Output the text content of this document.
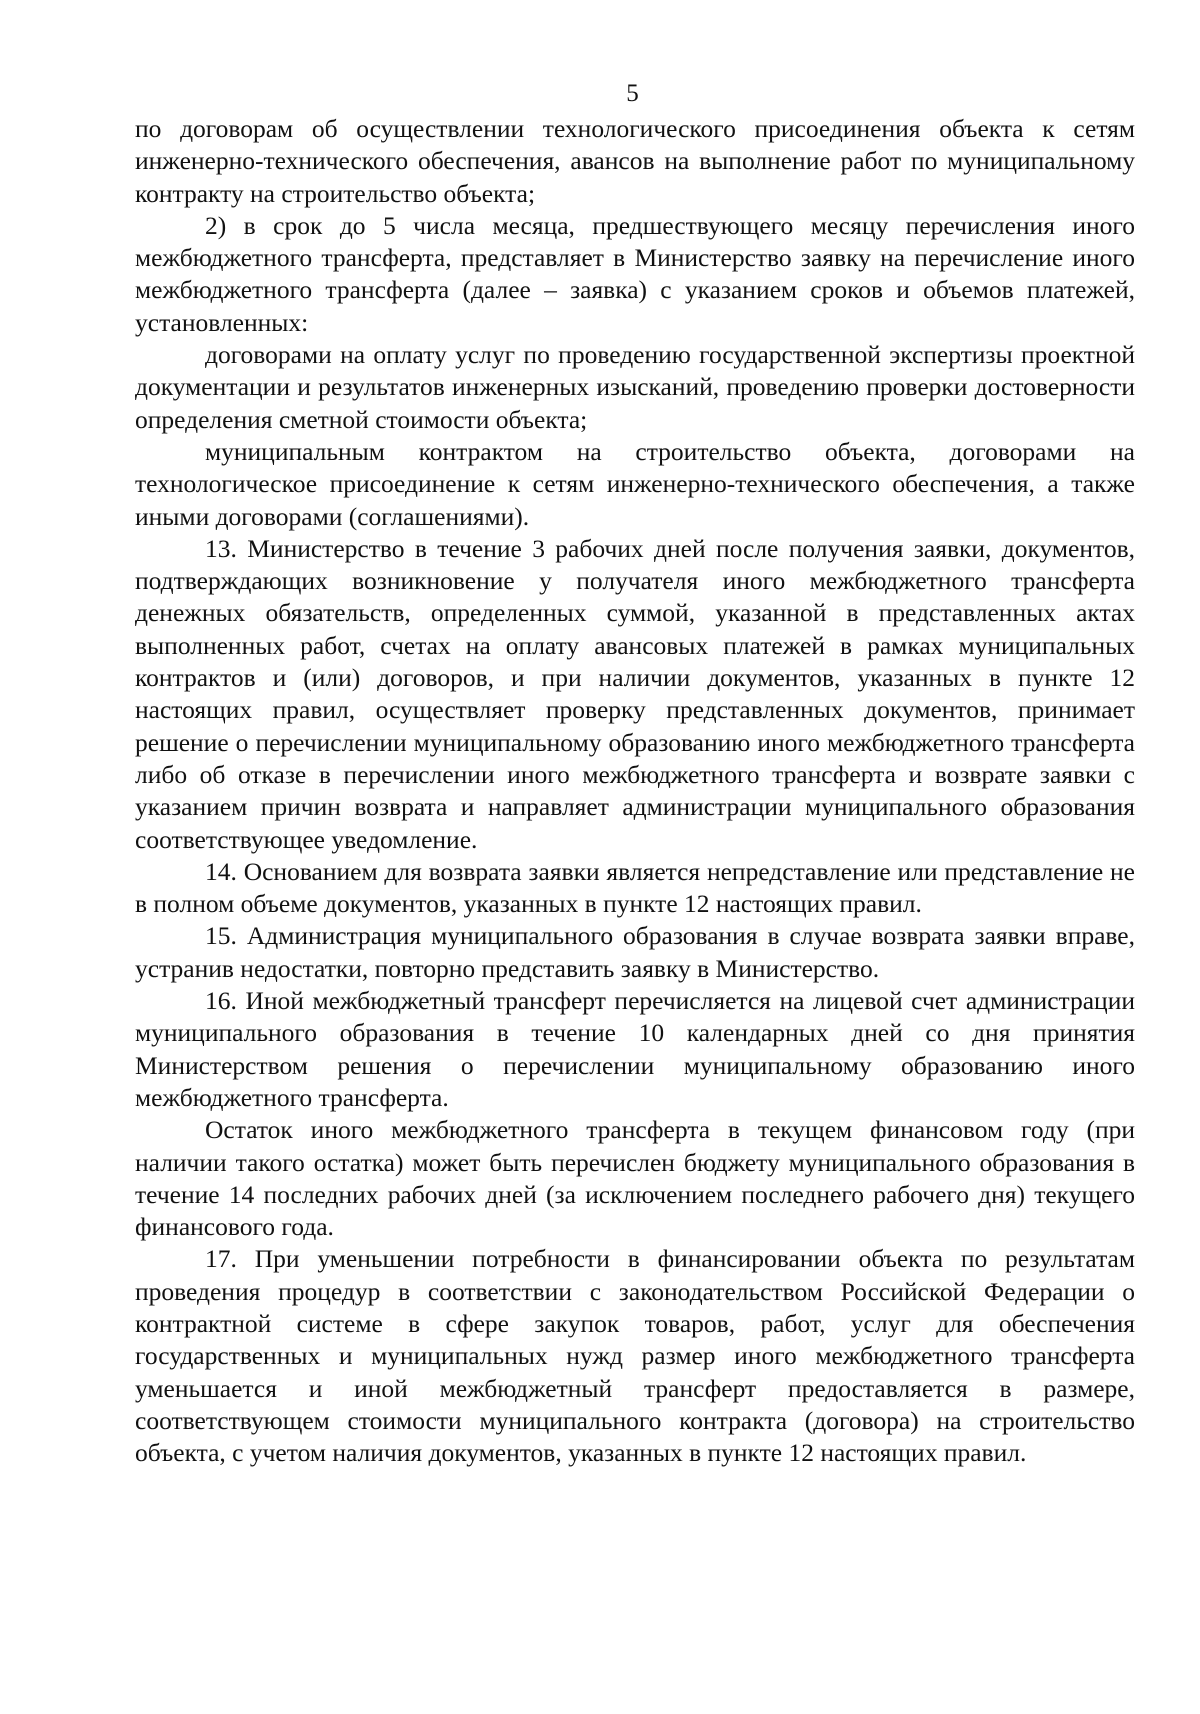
5

по договорам об осуществлении технологического присоединения объекта к сетям инженерно-технического обеспечения, авансов на выполнение работ по муниципальному контракту на строительство объекта;

2) в срок до 5 числа месяца, предшествующего месяцу перечисления иного межбюджетного трансферта, представляет в Министерство заявку на перечисление иного межбюджетного трансферта (далее – заявка) с указанием сроков и объемов платежей, установленных:

договорами на оплату услуг по проведению государственной экспертизы проектной документации и результатов инженерных изысканий, проведению проверки достоверности определения сметной стоимости объекта;

муниципальным контрактом на строительство объекта, договорами на технологическое присоединение к сетям инженерно-технического обеспечения, а также иными договорами (соглашениями).

13. Министерство в течение 3 рабочих дней после получения заявки, документов, подтверждающих возникновение у получателя иного межбюджетного трансферта денежных обязательств, определенных суммой, указанной в представленных актах выполненных работ, счетах на оплату авансовых платежей в рамках муниципальных контрактов и (или) договоров, и при наличии документов, указанных в пункте 12 настоящих правил, осуществляет проверку представленных документов, принимает решение о перечислении муниципальному образованию иного межбюджетного трансферта либо об отказе в перечислении иного межбюджетного трансферта и возврате заявки с указанием причин возврата и направляет администрации муниципального образования соответствующее уведомление.

14. Основанием для возврата заявки является непредставление или представление не в полном объеме документов, указанных в пункте 12 настоящих правил.

15. Администрация муниципального образования в случае возврата заявки вправе, устранив недостатки, повторно представить заявку в Министерство.

16. Иной межбюджетный трансферт перечисляется на лицевой счет администрации муниципального образования в течение 10 календарных дней со дня принятия Министерством решения о перечислении муниципальному образованию иного межбюджетного трансферта.

Остаток иного межбюджетного трансферта в текущем финансовом году (при наличии такого остатка) может быть перечислен бюджету муниципального образования в течение 14 последних рабочих дней (за исключением последнего рабочего дня) текущего финансового года.

17. При уменьшении потребности в финансировании объекта по результатам проведения процедур в соответствии с законодательством Российской Федерации о контрактной системе в сфере закупок товаров, работ, услуг для обеспечения государственных и муниципальных нужд размер иного межбюджетного трансферта уменьшается и иной межбюджетный трансферт предоставляется в размере, соответствующем стоимости муниципального контракта (договора) на строительство объекта, с учетом наличия документов, указанных в пункте 12 настоящих правил.
